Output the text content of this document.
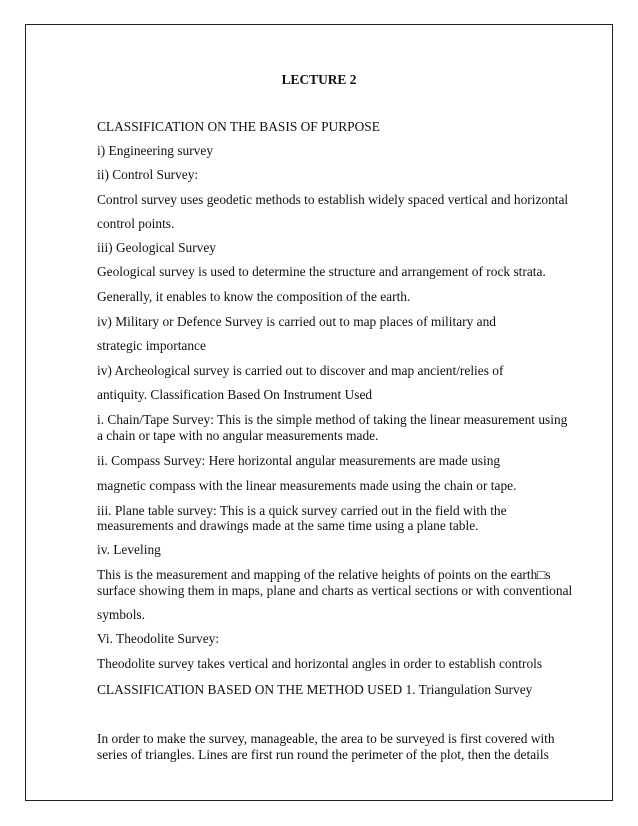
LECTURE 2
CLASSIFICATION ON THE BASIS OF PURPOSE
i) Engineering survey
ii) Control Survey:
Control survey uses geodetic methods to establish widely spaced vertical and horizontal
control points.
iii) Geological Survey
Geological survey is used to determine the structure and arrangement of rock strata.
Generally, it enables to know the composition of the earth.
iv) Military or Defence Survey is carried out to map places of military and
strategic importance
iv) Archeological survey is carried out to discover and map ancient/relies of
antiquity. Classification Based On Instrument Used
i. Chain/Tape Survey: This is the simple method of taking the linear measurement using
a chain or tape with no angular measurements made.
ii. Compass Survey: Here horizontal angular measurements are made using
magnetic compass with the linear measurements made using the chain or tape.
iii. Plane table survey: This is a quick survey carried out in the field with the
measurements and drawings made at the same time using a plane table.
iv. Leveling
This is the measurement and mapping of the relative heights of points on the earth□s
surface showing them in maps, plane and charts as vertical sections or with conventional
symbols.
Vi. Theodolite Survey:
Theodolite survey takes vertical and horizontal angles in order to establish controls
CLASSIFICATION BASED ON THE METHOD USED 1. Triangulation Survey
In order to make the survey, manageable, the area to be surveyed is first covered with
series of triangles. Lines are first run round the perimeter of the plot, then the details
